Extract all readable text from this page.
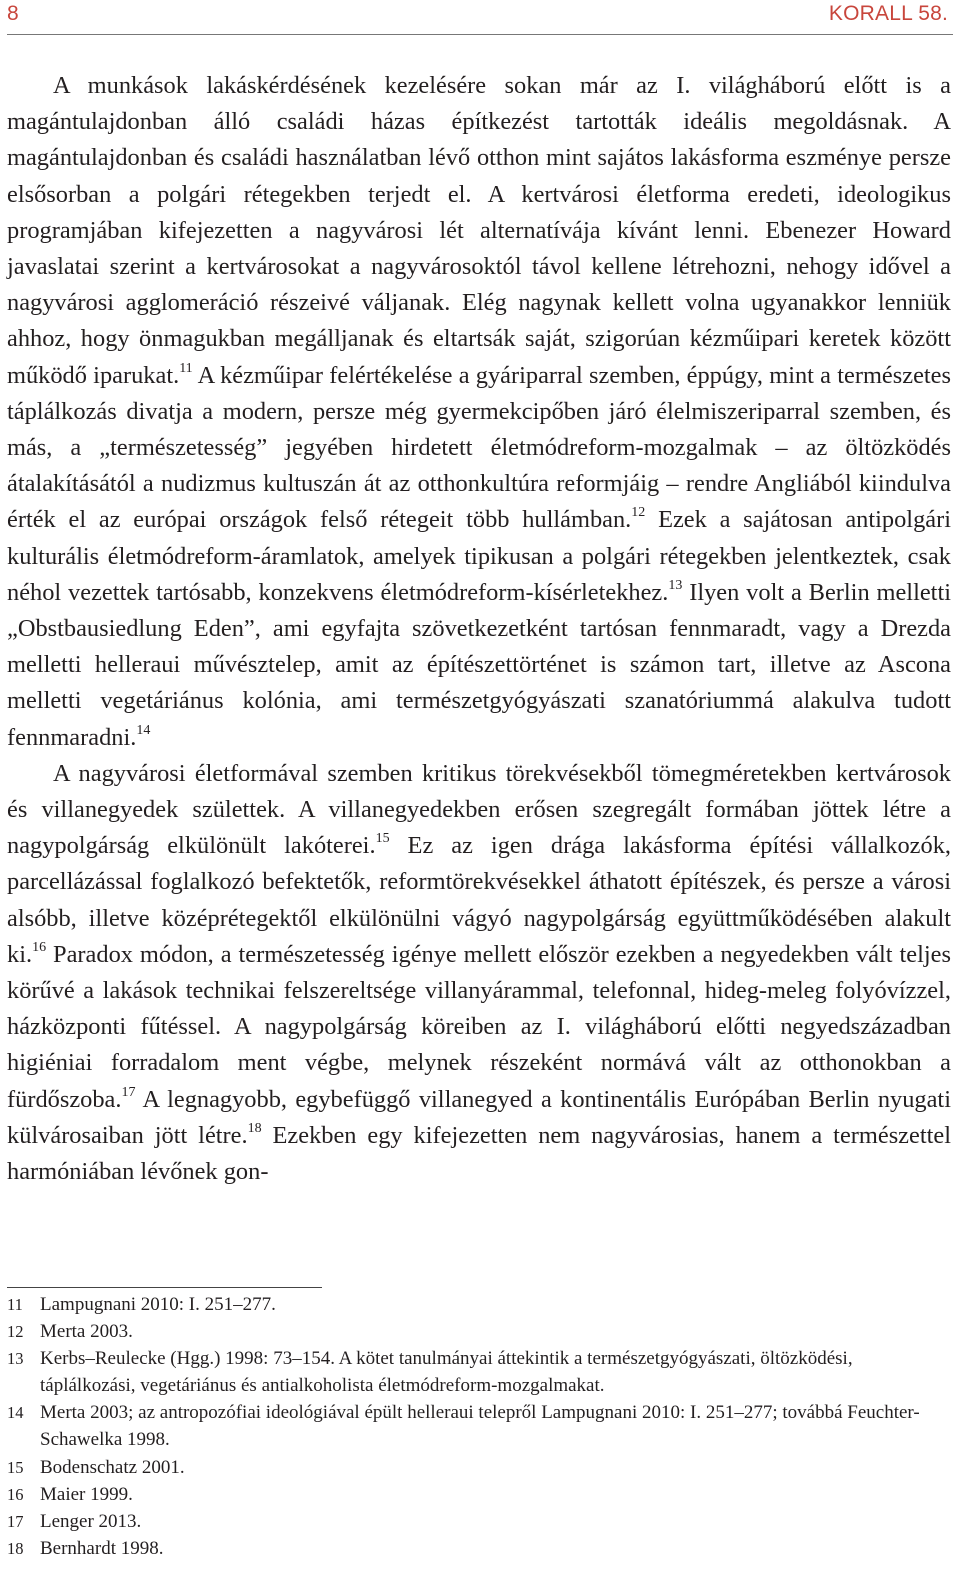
8	KORALL 58.

A munkások lakáskérdésének kezelésére sokan már az I. világháború előtt is a magántulajdonban álló családi házas építkezést tartották ideális megoldásnak. A magántulajdonban és családi használatban lévő otthon mint sajátos lakásforma eszménye persze elsősorban a polgári rétegekben terjedt el. A kertvárosi életforma eredeti, ideologikus programjában kifejezetten a nagyvárosi lét alternatívája kívánt lenni. Ebenezer Howard javaslatai szerint a kertvárosokat a nagyvárosoktól távol kellene létrehozni, nehogy idővel a nagyvárosi agglomeráció részeivé váljanak. Elég nagynak kellett volna ugyanakkor lenniük ahhoz, hogy önmagukban megálljanak és eltartsák saját, szigorúan kézműipari keretek között működő iparukat.$^{11}$ A kézműipar felértékelése a gyáriparral szemben, éppúgy, mint a természetes táplálkozás divatja a modern, persze még gyermekcipőben járó élelmiszeriparral szemben, és más, a „természetesség” jegyében hirdetett életmódreform-mozgalmak – az öltözködés átalakításától a nudizmus kultuszán át az otthonkultúra reformjáig – rendre Angliából kiindulva érték el az európai országok felső rétegeit több hullámban.$^{12}$ Ezek a sajátosan antipolgári kulturális életmódreform-áramlatok, amelyek tipikusan a polgári rétegekben jelentkeztek, csak néhol vezettek tartósabb, konzekvens életmódreform-kísérletekhez.$^{13}$ Ilyen volt a Berlin melletti „Obstbausiedlung Eden”, ami egyfajta szövetkezetként tartósan fennmaradt, vagy a Drezda melletti helleraui művésztelep, amit az építészettörténet is számon tart, illetve az Ascona melletti vegetáriánus kolónia, ami természetgyógyászati szanatóriummá alakulva tudott fennmaradni.$^{14}$

A nagyvárosi életformával szemben kritikus törekvésekből tömegméretekben kertvárosok és villanegyedek születtek. A villanegyedekben erősen szegregált formában jöttek létre a nagypolgárság elkülönült lakóterei.$^{15}$ Ez az igen drága lakásforma építési vállalkozók, parcellázással foglalkozó befektetők, reformtörekvésekkel áthatott építészek, és persze a városi alsóbb, illetve középrétegektől elkülönülni vágyó nagypolgárság együttműködésében alakult ki.$^{16}$ Paradox módon, a természetesség igénye mellett először ezekben a negyedekben vált teljes körűvé a lakások technikai felszereltsége villanyárammal, telefonnal, hideg-meleg folyóvízzel, házközponti fűtéssel. A nagypolgárság köreiben az I. világháború előtti negyedszázadban higiéniai forradalom ment végbe, melynek részeként normává vált az otthonokban a fürdőszoba.$^{17}$ A legnagyobb, egybefüggő villanegyed a kontinentális Európában Berlin nyugati külvárosaiban jött létre.$^{18}$ Ezekben egy kifejezetten nem nagyvárosias, hanem a természettel harmóniában lévőnek gon-

11 Lampugnani 2010: I. 251–277.
12 Merta 2003.
13 Kerbs–Reulecke (Hgg.) 1998: 73–154. A kötet tanulmányai áttekintik a természetgyógyászati, öltözködési, táplálkozási, vegetáriánus és antialkoholista életmódreform-mozgalmakat.
14 Merta 2003; az antropozófiai ideológiával épült helleraui telepről Lampugnani 2010: I. 251–277; továbbá Feuchter-Schawelka 1998.
15 Bodenschatz 2001.
16 Maier 1999.
17 Lenger 2013.
18 Bernhardt 1998.
